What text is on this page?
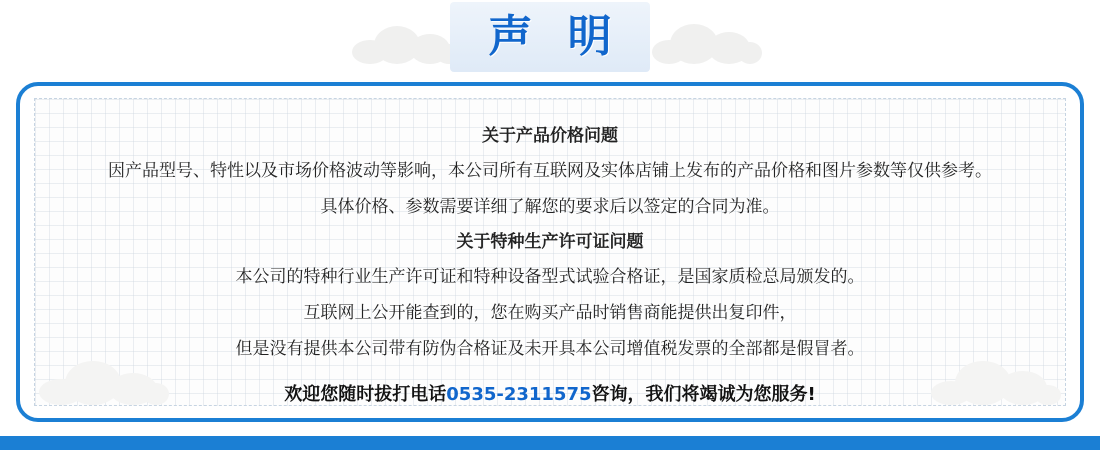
声 明
关于产品价格问题

因产品型号、特性以及市场价格波动等影响，本公司所有互联网及实体店铺上发布的产品价格和图片参数等仅供参考。

具体价格、参数需要详细了解您的要求后以签定的合同为准。

关于特种生产许可证问题

本公司的特种行业生产许可证和特种设备型式试验合格证，是国家质检总局颁发的。

互联网上公开能查到的，您在购买产品时销售商能提供出复印件，

但是没有提供本公司带有防伪合格证及未开具本公司增值税发票的全部都是假冒者。

欢迎您随时拔打电话0535-2311575咨询，我们将竭诚为您服务!
